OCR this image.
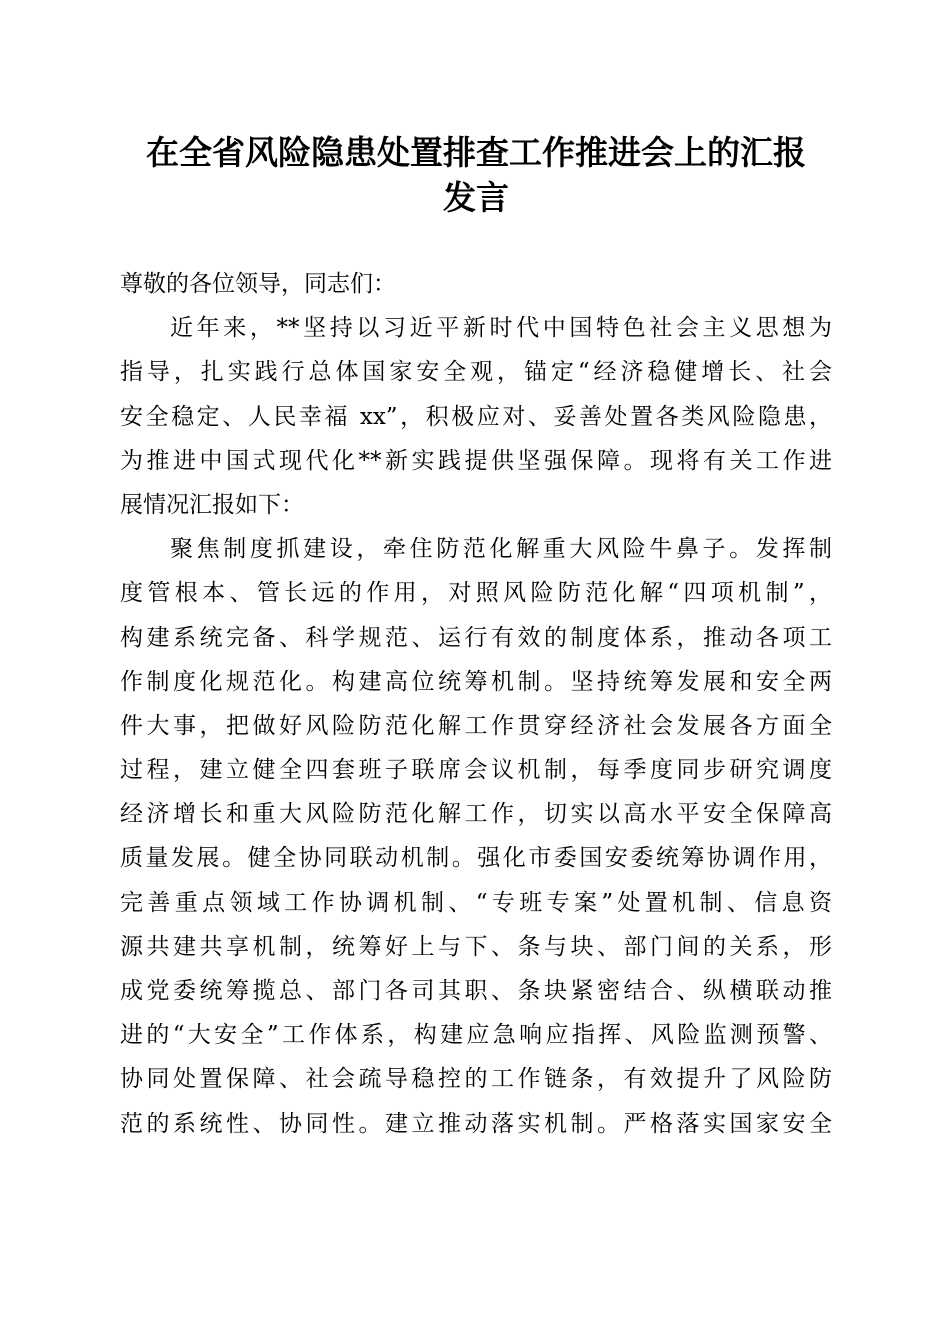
在全省风险隐患处置排查工作推进会上的汇报
发言
尊敬的各位领导，同志们：
近年来，**坚持以习近平新时代中国特色社会主义思想为
指导，扎实践行总体国家安全观，锚定“经济稳健增长、社会
安全稳定、人民幸福 xx”，积极应对、妥善处置各类风险隐患，
为推进中国式现代化**新实践提供坚强保障。现将有关工作进
展情况汇报如下：
聚焦制度抓建设，牵住防范化解重大风险牛鼻子。发挥制
度管根本、管长远的作用，对照风险防范化解“四项机制”，
构建系统完备、科学规范、运行有效的制度体系，推动各项工
作制度化规范化。构建高位统筹机制。坚持统筹发展和安全两
件大事，把做好风险防范化解工作贯穿经济社会发展各方面全
过程，建立健全四套班子联席会议机制，每季度同步研究调度
经济增长和重大风险防范化解工作，切实以高水平安全保障高
质量发展。健全协同联动机制。强化市委国安委统筹协调作用，
完善重点领域工作协调机制、“专班专案”处置机制、信息资
源共建共享机制，统筹好上与下、条与块、部门间的关系，形
成党委统筹揽总、部门各司其职、条块紧密结合、纵横联动推
进的“大安全”工作体系，构建应急响应指挥、风险监测预警、
协同处置保障、社会疏导稳控的工作链条，有效提升了风险防
范的系统性、协同性。建立推动落实机制。严格落实国家安全
